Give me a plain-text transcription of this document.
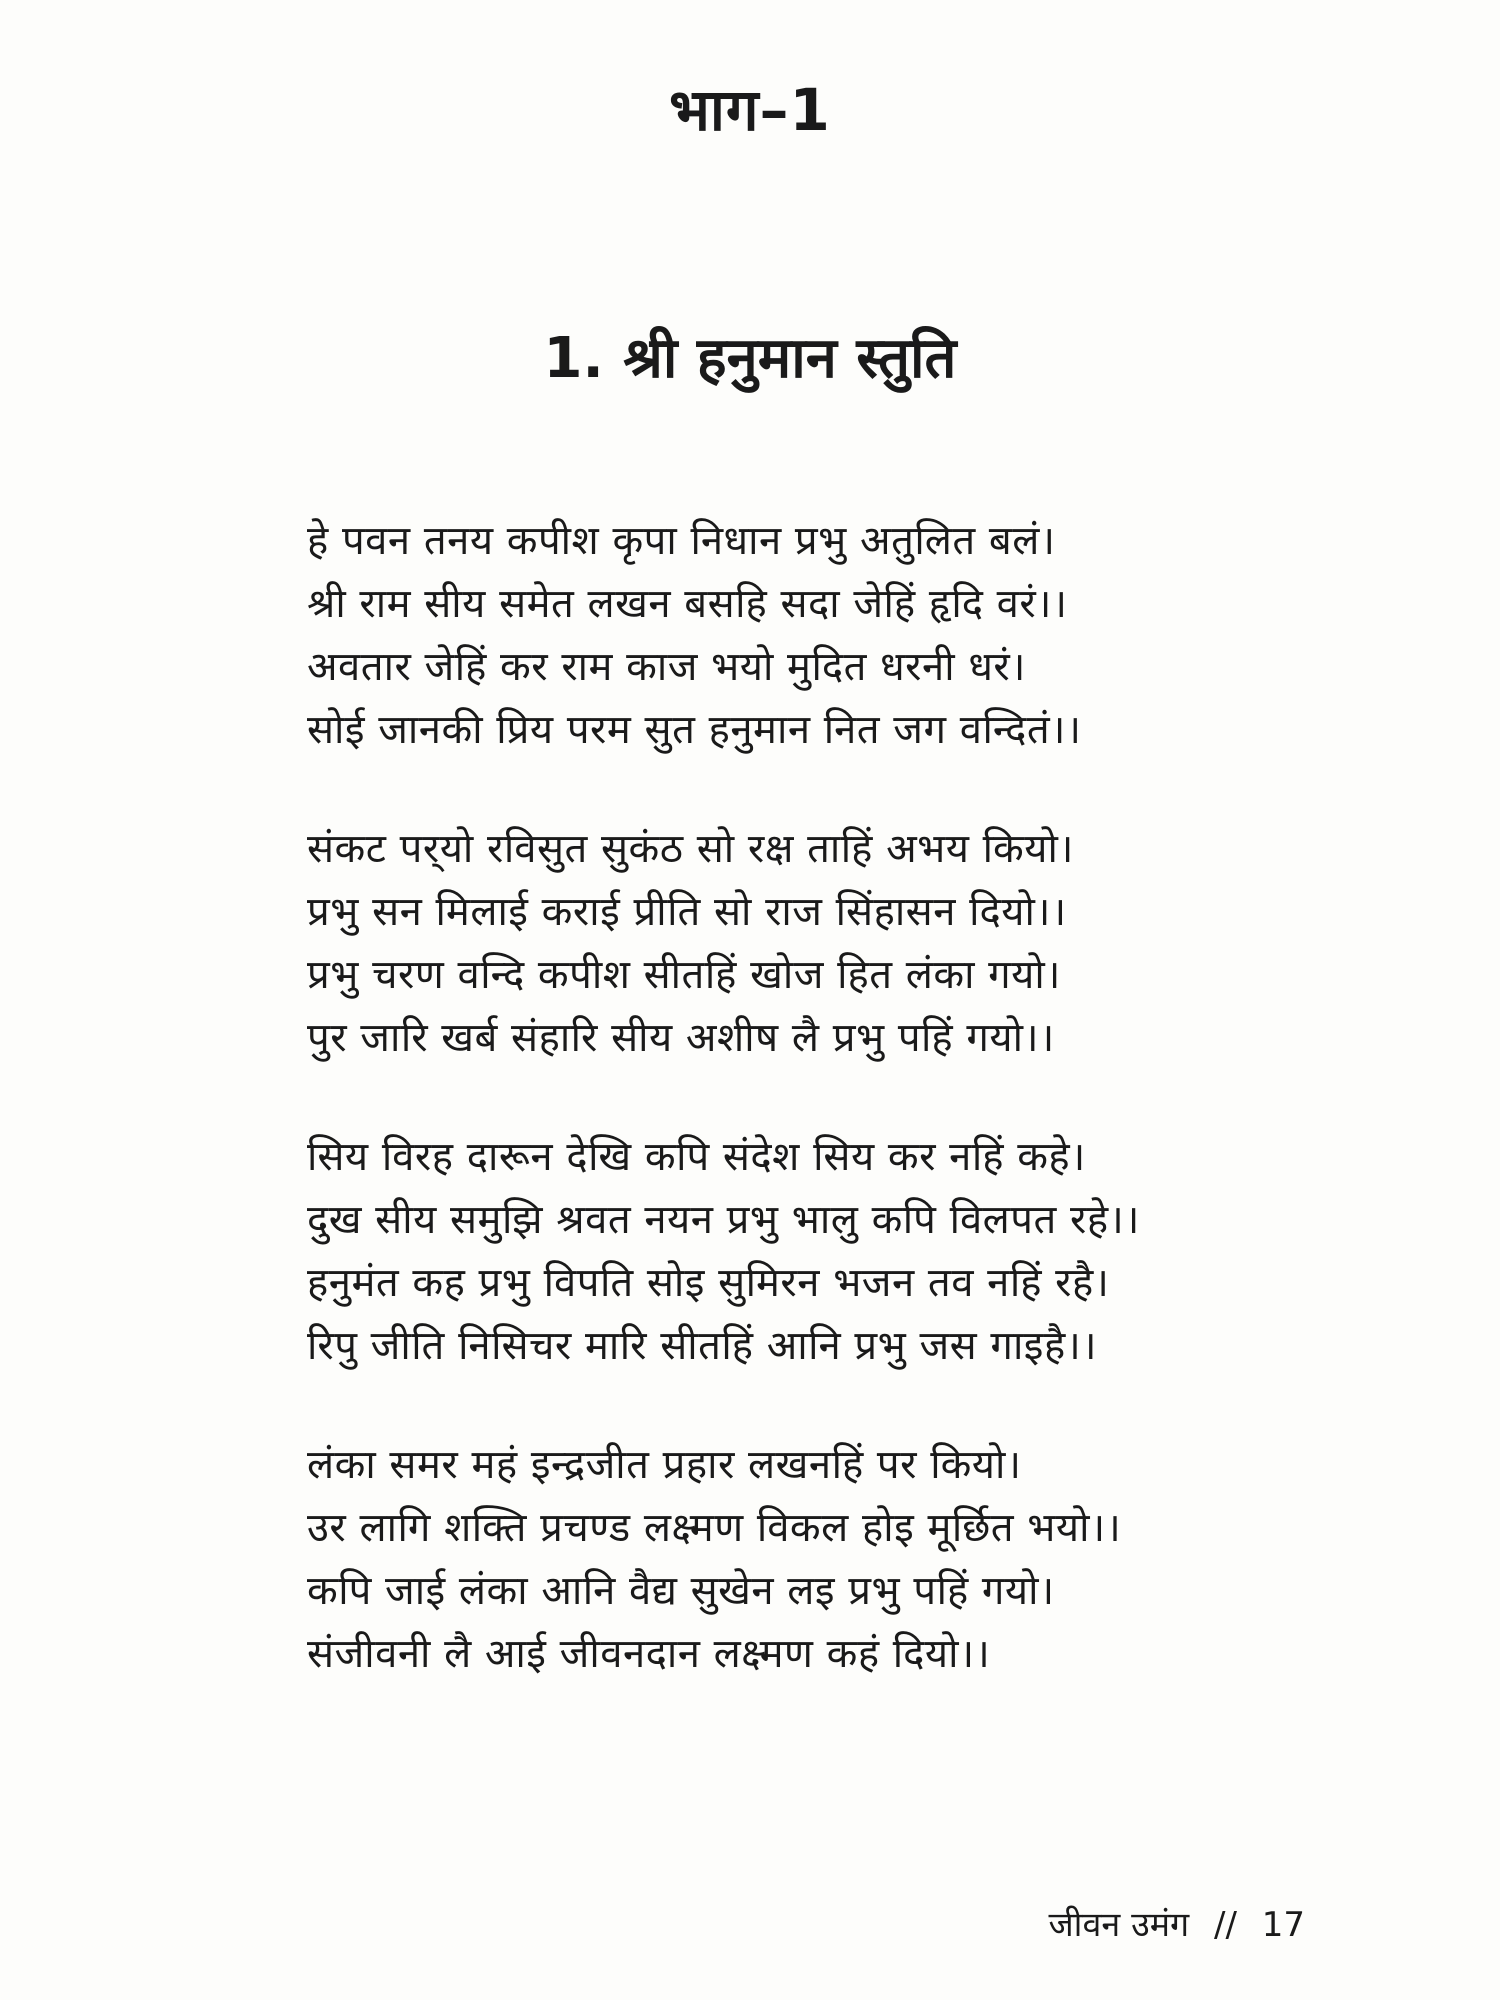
भाग–1
1. श्री हनुमान स्तुति
हे पवन तनय कपीश कृपा निधान प्रभु अतुलित बलं।
श्री राम सीय समेत लखन बसहि सदा जेहिं हृदि वरं।।
अवतार जेहिं कर राम काज भयो मुदित धरनी धरं।
सोई जानकी प्रिय परम सुत हनुमान नित जग वन्दितं।।
संकट पर्‌यो रविसुत सुकंठ सो रक्ष ताहिं अभय कियो।
प्रभु सन मिलाई कराई प्रीति सो राज सिंहासन दियो।।
प्रभु चरण वन्दि कपीश सीतहिं खोज हित लंका गयो।
पुर जारि खर्ब संहारि सीय अशीष लै प्रभु पहिं गयो।।
सिय विरह दारून देखि कपि संदेश सिय कर नहिं कहे।
दुख सीय समुझि श्रवत नयन प्रभु भालु कपि विलपत रहे।।
हनुमंत कह प्रभु विपति सोइ सुमिरन भजन तव नहिं रहै।
रिपु जीति निसिचर मारि सीतहिं आनि प्रभु जस गाइहै।।
लंका समर महं इन्द्रजीत प्रहार लखनहिं पर कियो।
उर लागि शक्ति प्रचण्ड लक्ष्मण विकल होइ मूर्छित भयो।।
कपि जाई लंका आनि वैद्य सुखेन लइ प्रभु पहिं गयो।
संजीवनी लै आई जीवनदान लक्ष्मण कहं दियो।।
जीवन उमंग // 17
